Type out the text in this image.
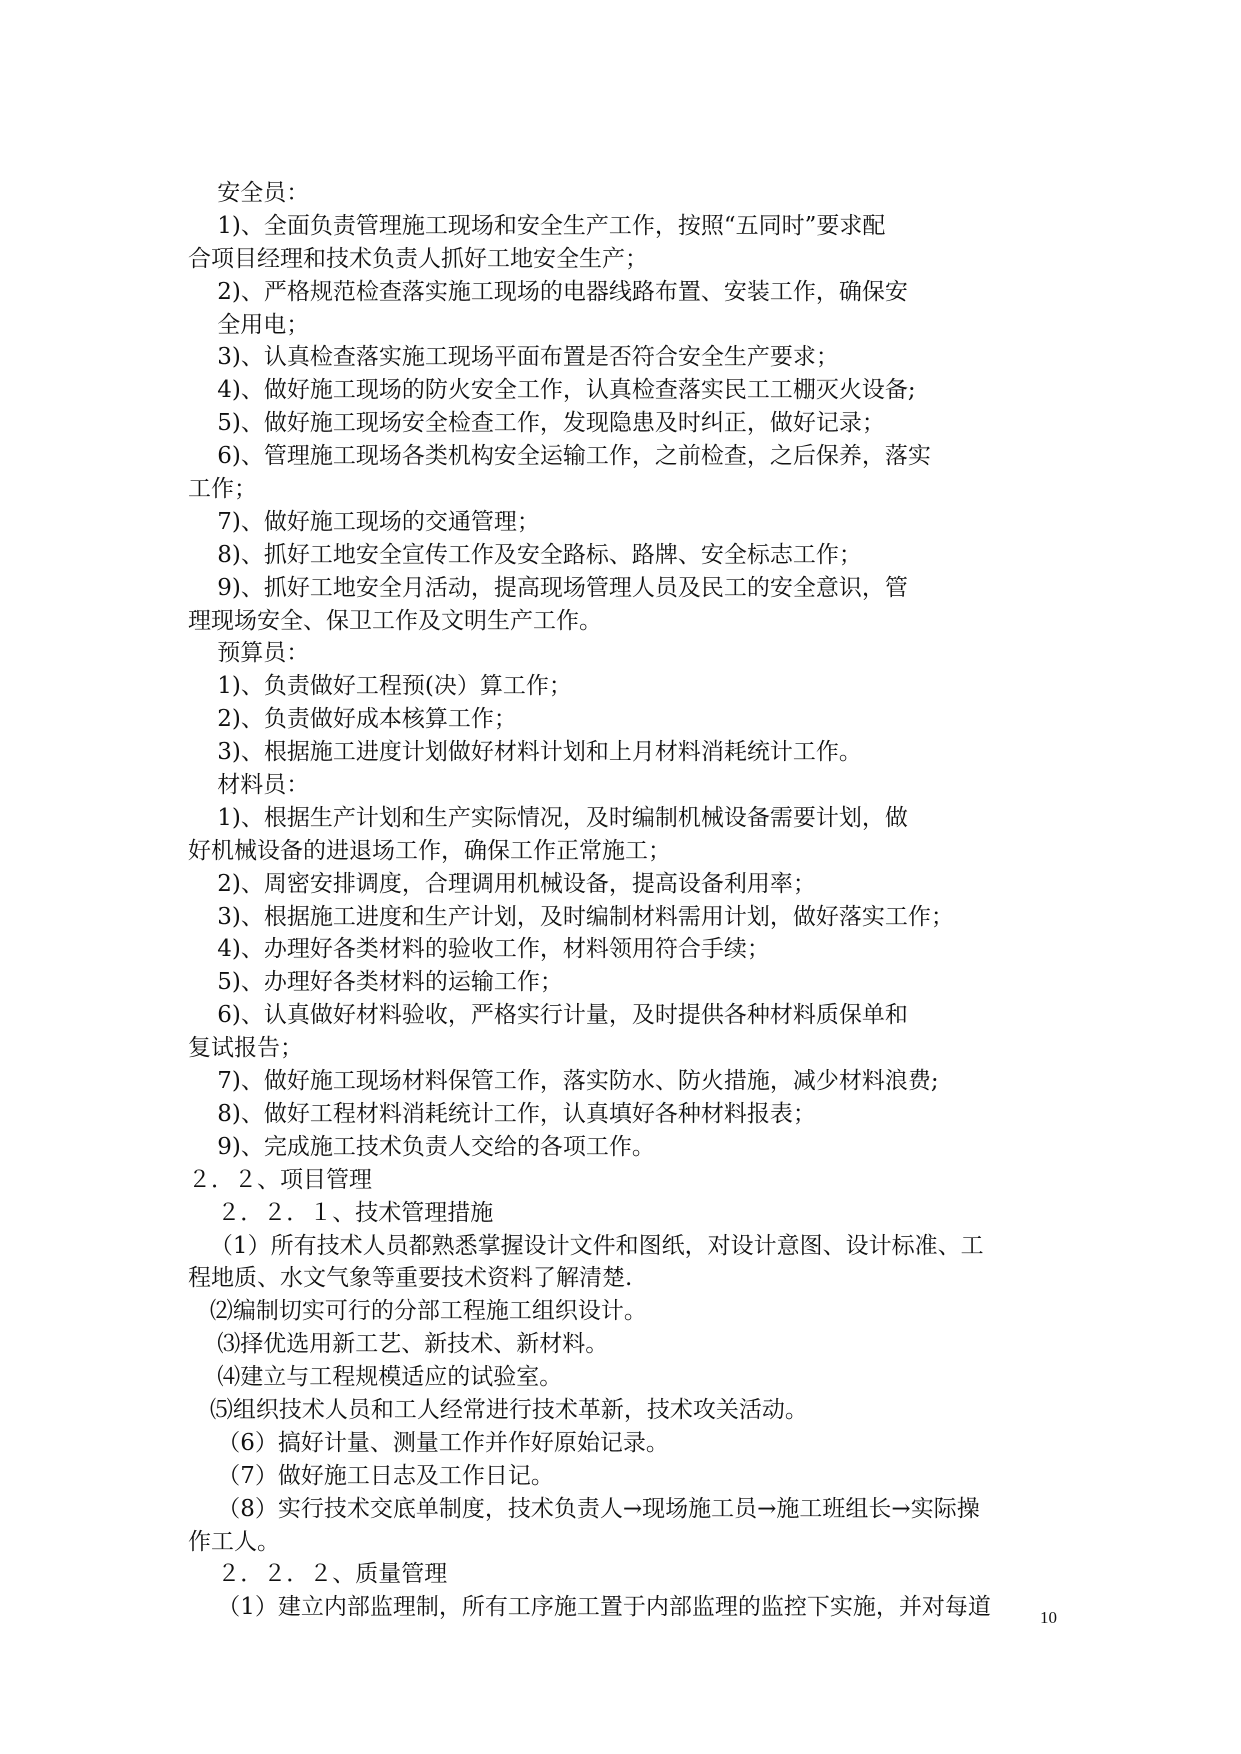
安全员：
1)、全面负责管理施工现场和安全生产工作，按照“五同时”要求配
合项目经理和技术负责人抓好工地安全生产；
2)、严格规范检查落实施工现场的电器线路布置、安装工作，确保安
全用电；
3)、认真检查落实施工现场平面布置是否符合安全生产要求；
4)、做好施工现场的防火安全工作，认真检查落实民工工棚灭火设备;
5)、做好施工现场安全检查工作，发现隐患及时纠正，做好记录；
6)、管理施工现场各类机构安全运输工作，之前检查，之后保养，落实
工作；
7)、做好施工现场的交通管理；
8)、抓好工地安全宣传工作及安全路标、路牌、安全标志工作；
9)、抓好工地安全月活动，提高现场管理人员及民工的安全意识，管
理现场安全、保卫工作及文明生产工作。
预算员：
1)、负责做好工程预(决）算工作；
2)、负责做好成本核算工作；
3)、根据施工进度计划做好材料计划和上月材料消耗统计工作。
材料员：
1)、根据生产计划和生产实际情况，及时编制机械设备需要计划，做
好机械设备的进退场工作，确保工作正常施工；
2)、周密安排调度，合理调用机械设备，提高设备利用率；
3)、根据施工进度和生产计划，及时编制材料需用计划，做好落实工作；
4)、办理好各类材料的验收工作，材料领用符合手续；
5)、办理好各类材料的运输工作；
6)、认真做好材料验收，严格实行计量，及时提供各种材料质保单和
复试报告；
7)、做好施工现场材料保管工作，落实防水、防火措施，减少材料浪费;
8)、做好工程材料消耗统计工作，认真填好各种材料报表；
9)、完成施工技术负责人交给的各项工作。
２．２、项目管理
２．２．１、技术管理措施
（1）所有技术人员都熟悉掌握设计文件和图纸，对设计意图、设计标准、工
程地质、水文气象等重要技术资料了解清楚.
⑵编制切实可行的分部工程施工组织设计。
⑶择优选用新工艺、新技术、新材料。
⑷建立与工程规模适应的试验室。
⑸组织技术人员和工人经常进行技术革新，技术攻关活动。
（6）搞好计量、测量工作并作好原始记录。
（7）做好施工日志及工作日记。
（8）实行技术交底单制度，技术负责人→现场施工员→施工班组长→实际操
作工人。
２．２．２、质量管理
（1）建立内部监理制，所有工序施工置于内部监理的监控下实施，并对每道	10
